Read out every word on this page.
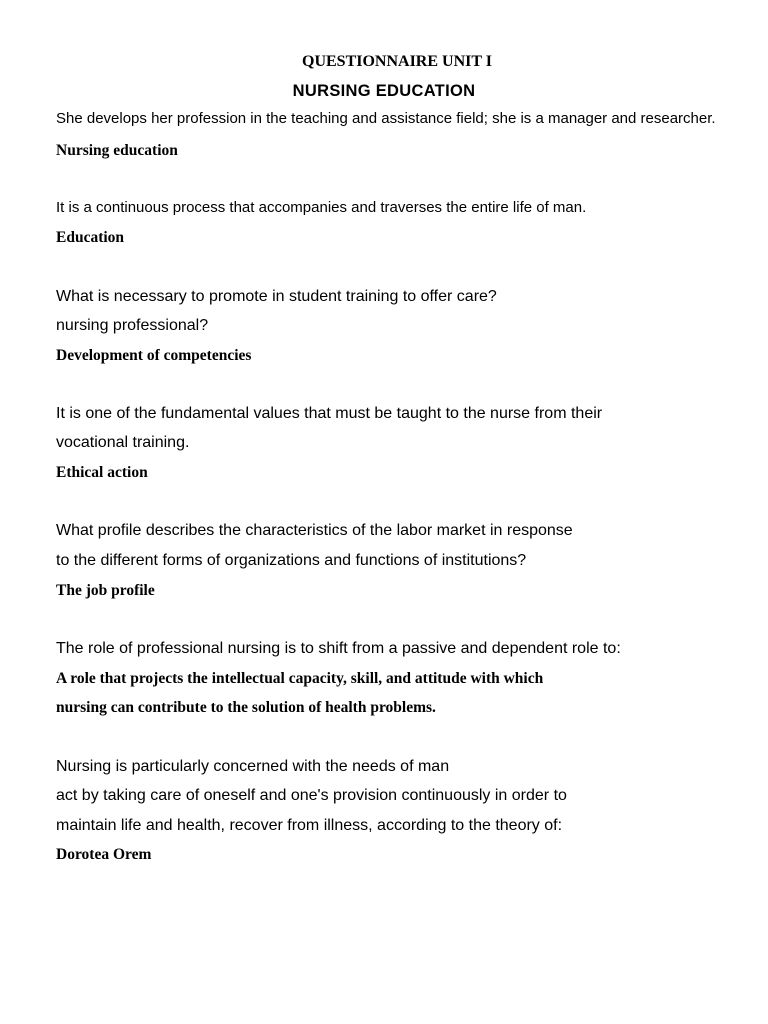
QUESTIONNAIRE UNIT I
NURSING EDUCATION

She develops her profession in the teaching and assistance field; she is a manager and researcher.

Nursing education

It is a continuous process that accompanies and traverses the entire life of man.

Education

What is necessary to promote in student training to offer care?

nursing professional?

Development of competencies

It is one of the fundamental values that must be taught to the nurse from their

vocational training.

Ethical action

What profile describes the characteristics of the labor market in response

to the different forms of organizations and functions of institutions?

The job profile

The role of professional nursing is to shift from a passive and dependent role to:

A role that projects the intellectual capacity, skill, and attitude with which

nursing can contribute to the solution of health problems.

Nursing is particularly concerned with the needs of man

act by taking care of oneself and one's provision continuously in order to

maintain life and health, recover from illness, according to the theory of:

Dorotea Orem
